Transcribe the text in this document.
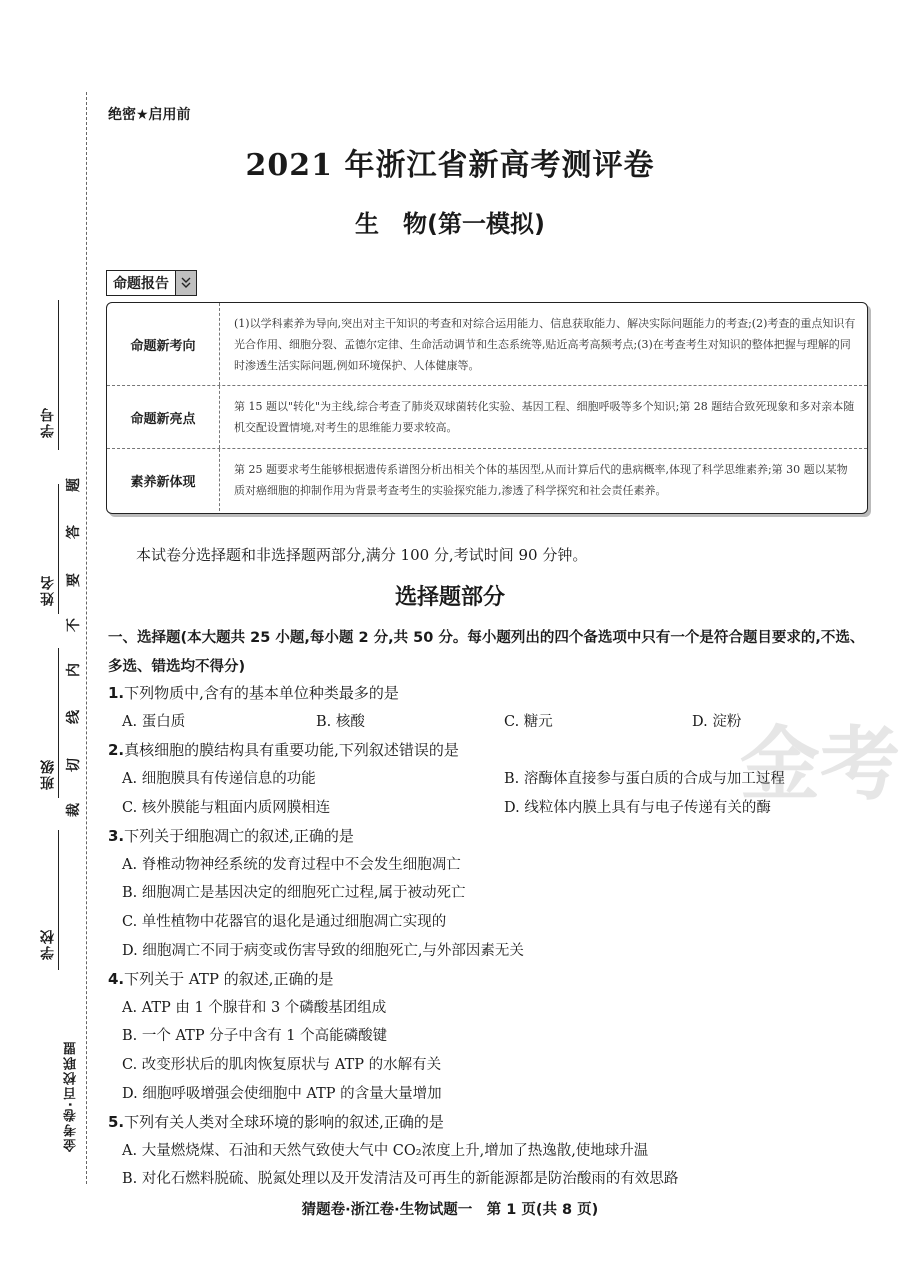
学号
姓名
班级
学校
题
答
要
不
内
线
切
裁
金考卷·百校联盟
绝密★启用前
2021 年浙江省新高考测评卷
生　物(第一模拟)
命题报告
命题新考向
(1)以学科素养为导向,突出对主干知识的考查和对综合运用能力、信息获取能力、解决实际问题能力的考查;(2)考查的重点知识有光合作用、细胞分裂、孟德尔定律、生命活动调节和生态系统等,贴近高考高频考点;(3)在考查考生对知识的整体把握与理解的同时渗透生活实际问题,例如环境保护、人体健康等。
命题新亮点
第 15 题以"转化"为主线,综合考查了肺炎双球菌转化实验、基因工程、细胞呼吸等多个知识;第 28 题结合致死现象和多对亲本随机交配设置情境,对考生的思维能力要求较高。
素养新体现
第 25 题要求考生能够根据遗传系谱图分析出相关个体的基因型,从而计算后代的患病概率,体现了科学思维素养;第 30 题以某物质对癌细胞的抑制作用为背景考查考生的实验探究能力,渗透了科学探究和社会责任素养。
本试卷分选择题和非选择题两部分,满分 100 分,考试时间 90 分钟。
选择题部分
一、选择题(本大题共 25 小题,每小题 2 分,共 50 分。每小题列出的四个备选项中只有一个是符合题目要求的,不选、多选、错选均不得分)
金考
1.下列物质中,含有的基本单位种类最多的是
A. 蛋白质	B. 核酸	C. 糖元	D. 淀粉
2.真核细胞的膜结构具有重要功能,下列叙述错误的是
A. 细胞膜具有传递信息的功能	B. 溶酶体直接参与蛋白质的合成与加工过程
C. 核外膜能与粗面内质网膜相连	D. 线粒体内膜上具有与电子传递有关的酶
3.下列关于细胞凋亡的叙述,正确的是
A. 脊椎动物神经系统的发育过程中不会发生细胞凋亡
B. 细胞凋亡是基因决定的细胞死亡过程,属于被动死亡
C. 单性植物中花器官的退化是通过细胞凋亡实现的
D. 细胞凋亡不同于病变或伤害导致的细胞死亡,与外部因素无关
4.下列关于 ATP 的叙述,正确的是
A. ATP 由 1 个腺苷和 3 个磷酸基团组成
B. 一个 ATP 分子中含有 1 个高能磷酸键
C. 改变形状后的肌肉恢复原状与 ATP 的水解有关
D. 细胞呼吸增强会使细胞中 ATP 的含量大量增加
5.下列有关人类对全球环境的影响的叙述,正确的是
A. 大量燃烧煤、石油和天然气致使大气中 CO₂浓度上升,增加了热逸散,使地球升温
B. 对化石燃料脱硫、脱氮处理以及开发清洁及可再生的新能源都是防治酸雨的有效思路
猜题卷·浙江卷·生物试题一　第 1 页(共 8 页)
